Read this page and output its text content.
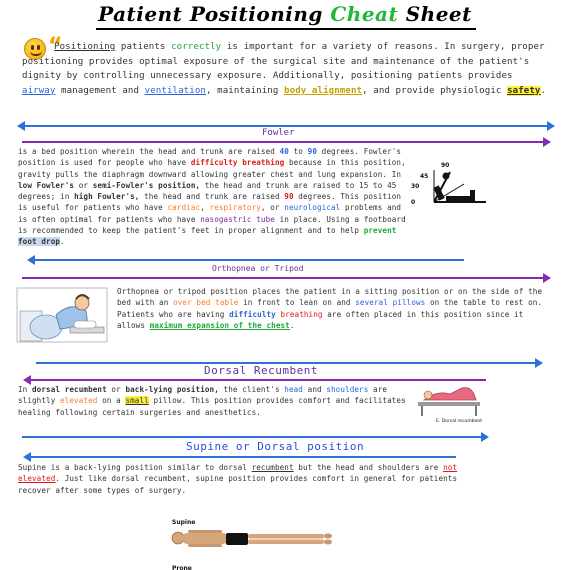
Patient Positioning Cheat Sheet
“

Positioning patients correctly is important for a variety of reasons. In surgery, proper positioning provides optimal exposure of the surgical site and maintenance of the patient's dignity by controlling unnecessary exposure. Additionally, positioning patients provides airway management and ventilation, maintaining body alignment, and provide physiologic safety.

Fowler

is a bed position wherein the head and trunk are raised 40 to 90 degrees. Fowler's position is used for people who have difficulty breathing because in this position, gravity pulls the diaphragm downward allowing greater chest and lung expansion. In low Fowler's or semi-Fowler's position, the head and trunk are raised to 15 to 45 degrees; in high Fowler's, the head and trunk are raised 90 degrees. This position is useful for patients who have cardiac, respiratory, or neurological problems and is often optimal for patients who have nasogastric tube in place. Using a footboard is recommended to keep the patient's feet in proper alignment and to help prevent foot drop.

90
45
30
0
Orthopnea or Tripod

Orthopnea or tripod position places the patient in a sitting position or on the side of the bed with an over bed table in front to lean on and several pillows on the table to rest on. Patients who are having difficulty breathing are often placed in this position since it allows maximum expansion of the chest.

Dorsal Recumbent

In dorsal recumbent or back-lying position, the client's head and shoulders are slightly elevated on a small pillow. This position provides comfort and facilitates healing following certain surgeries and anesthetics.

E. Dorsal recumbent
Supine or Dorsal position

Supine is a back-lying position similar to dorsal recumbent but the head and shoulders are not elevated. Just like dorsal recumbent, supine position provides comfort in general for patients recover after some types of surgery.

Supine
Prone
